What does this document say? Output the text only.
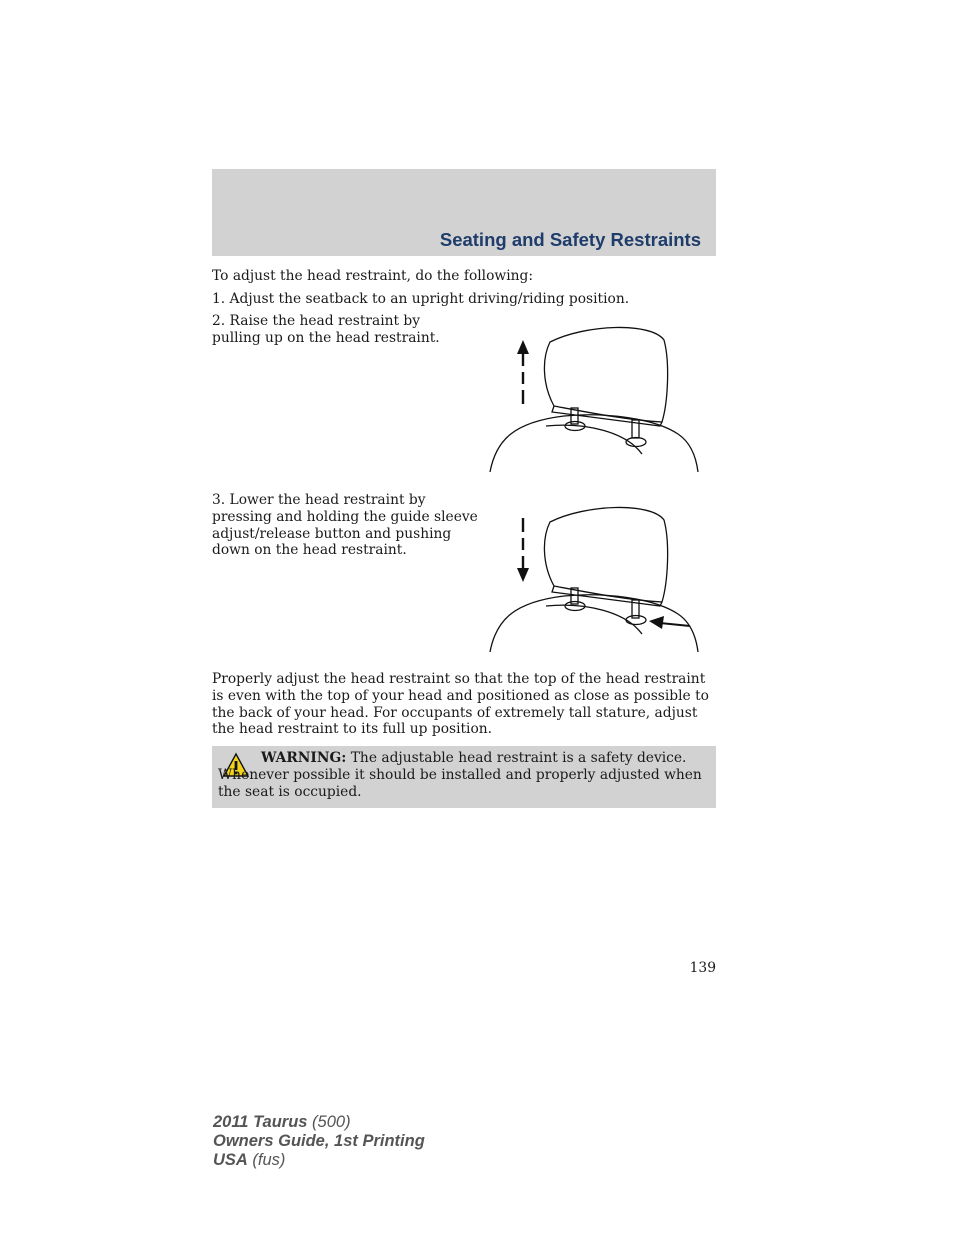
Seating and Safety Restraints

To adjust the head restraint, do the following:

1. Adjust the seatback to an upright driving/riding position.

2. Raise the head restraint by pulling up on the head restraint.

3. Lower the head restraint by pressing and holding the guide sleeve adjust/release button and pushing down on the head restraint.

Properly adjust the head restraint so that the top of the head restraint is even with the top of your head and positioned as close as possible to the back of your head. For occupants of extremely tall stature, adjust the head restraint to its full up position.

WARNING: The adjustable head restraint is a safety device. Whenever possible it should be installed and properly adjusted when the seat is occupied.

139

2011 Taurus (500)
Owners Guide, 1st Printing
USA (fus)
